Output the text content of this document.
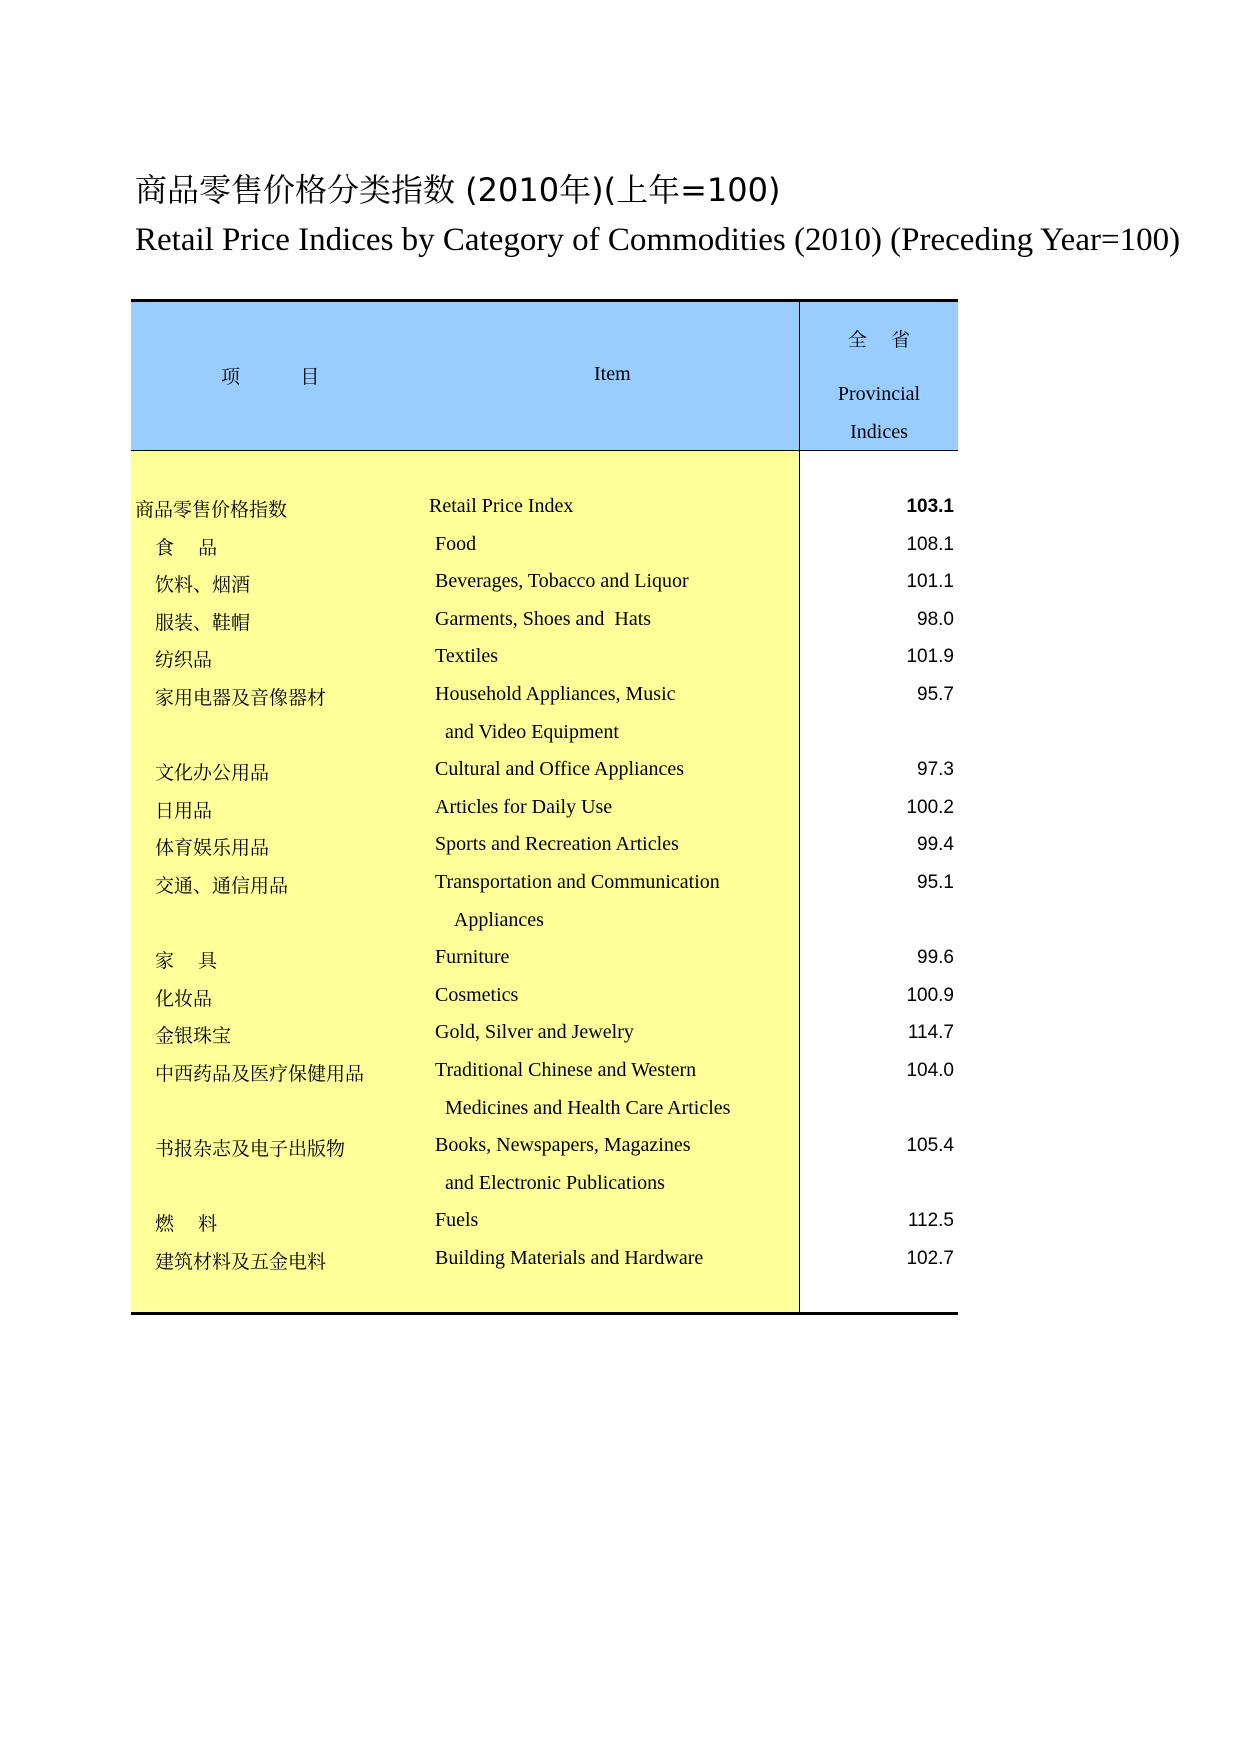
商品零售价格分类指数 (2010年)(上年=100)
Retail Price Indices by Category of Commodities (2010) (Preceding Year=100)
项          目	Item
全    省
Provincial
Indices
商品零售价格指数	Retail Price Index	103.1
食    品	Food	108.1
饮料、烟酒	Beverages, Tobacco and Liquor	101.1
服装、鞋帽	Garments, Shoes and  Hats	98.0
纺织品	Textiles	101.9
家用电器及音像器材	Household Appliances, Music	95.7
and Video Equipment
文化办公用品	Cultural and Office Appliances	97.3
日用品	Articles for Daily Use	100.2
体育娱乐用品	Sports and Recreation Articles	99.4
交通、通信用品	Transportation and Communication	95.1
Appliances
家    具	Furniture	99.6
化妆品	Cosmetics	100.9
金银珠宝	Gold, Silver and Jewelry	114.7
中西药品及医疗保健用品	Traditional Chinese and Western	104.0
Medicines and Health Care Articles
书报杂志及电子出版物	Books, Newspapers, Magazines	105.4
and Electronic Publications
燃    料	Fuels	112.5
建筑材料及五金电料	Building Materials and Hardware	102.7
